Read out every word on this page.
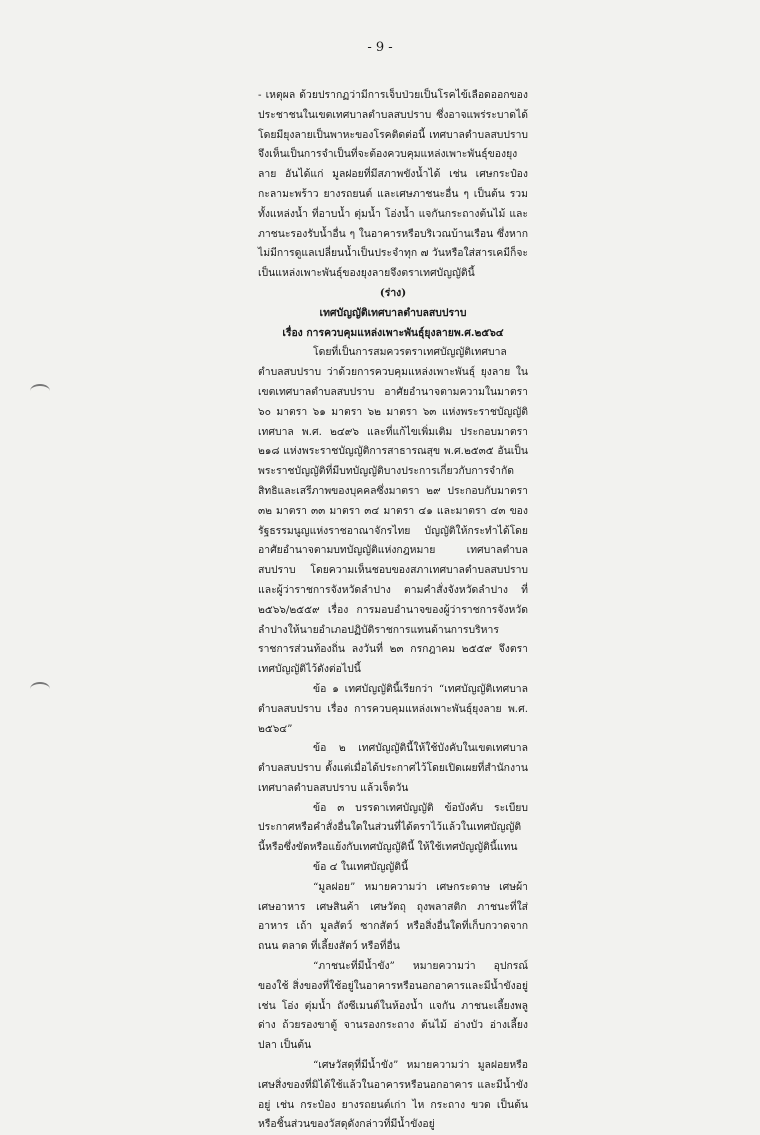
- 9 -

- เหตุผล ด้วยปรากฏว่ามีการเจ็บป่วยเป็นโรคไข้เลือดออกของประชาชนในเขตเทศบาลตำบลสบปราบ ซึ่งอาจแพร่ระบาดได้ โดยมียุงลายเป็นพาหะของโรคติดต่อนี้ เทศบาลตำบลสบปราบจึงเห็นเป็นการจำเป็นที่จะต้องควบคุมแหล่งเพาะพันธุ์ของยุงลาย อันได้แก่ มูลฝอยที่มีสภาพขังน้ำได้ เช่น เศษกระป๋อง กะลามะพร้าว ยางรถยนต์ และเศษภาชนะอื่น ๆ เป็นต้น รวมทั้งแหล่งน้ำ ที่อาบน้ำ ตุ่มน้ำ โอ่งน้ำ แจกันกระถางต้นไม้ และภาชนะรองรับน้ำอื่น ๆ ในอาคารหรือบริเวณบ้านเรือน ซึ่งหากไม่มีการดูแลเปลี่ยนน้ำเป็นประจำทุก ๗ วันหรือใส่สารเคมีก็จะเป็นแหล่งเพาะพันธุ์ของยุงลายจึงตราเทศบัญญัตินี้

(ร่าง)

เทศบัญญัติเทศบาลตำบลสบปราบ

เรื่อง การควบคุมแหล่งเพาะพันธุ์ยุงลายพ.ศ.๒๕๖๔

โดยที่เป็นการสมควรตราเทศบัญญัติเทศบาลตำบลสบปราบ ว่าด้วยการควบคุมแหล่งเพาะพันธุ์ ยุงลาย ในเขตเทศบาลตำบลสบปราบ อาศัยอำนาจตามความในมาตรา ๖๐ มาตรา ๖๑ มาตรา ๖๒ มาตรา ๖๓ แห่งพระราชบัญญัติ เทศบาล พ.ศ. ๒๔๙๖ และที่แก้ไขเพิ่มเติม ประกอบมาตรา ๒๑๘ แห่งพระราชบัญญัติการสาธารณสุข พ.ศ.๒๕๓๕ อันเป็นพระราชบัญญัติที่มีบทบัญญัติบางประการเกี่ยวกับการจำกัดสิทธิและเสรีภาพของบุคคลซึ่งมาตรา ๒๙ ประกอบกับมาตรา ๓๒ มาตรา ๓๓ มาตรา ๓๔ มาตรา ๔๑ และมาตรา ๔๓ ของรัฐธรรมนูญแห่งราชอาณาจักรไทย บัญญัติให้กระทำได้โดยอาศัยอำนาจตามบทบัญญัติแห่งกฎหมาย เทศบาลตำบลสบปราบ โดยความเห็นชอบของสภาเทศบาลตำบลสบปราบและผู้ว่าราชการจังหวัดลำปาง ตามคำสั่งจังหวัดลำปาง ที่ ๒๕๖๖/๒๕๕๙ เรื่อง การมอบอำนาจของผู้ว่าราชการจังหวัดลำปางให้นายอำเภอปฏิบัติราชการแทนด้านการบริหารราชการส่วนท้องถิ่น ลงวันที่ ๒๓ กรกฎาคม ๒๕๕๙ จึงตราเทศบัญญัติไว้ดังต่อไปนี้

ข้อ ๑ เทศบัญญัตินี้เรียกว่า “เทศบัญญัติเทศบาลตำบลสบปราบ เรื่อง การควบคุมแหล่งเพาะพันธุ์ยุงลาย พ.ศ. ๒๕๖๔”

ข้อ ๒ เทศบัญญัตินี้ให้ใช้บังคับในเขตเทศบาลตำบลสบปราบ ตั้งแต่เมื่อได้ประกาศไว้โดยเปิดเผยที่สำนักงานเทศบาลตำบลสบปราบ แล้วเจ็ดวัน

ข้อ ๓ บรรดาเทศบัญญัติ ข้อบังคับ ระเบียบ ประกาศหรือคำสั่งอื่นใดในส่วนที่ได้ตราไว้แล้วในเทศบัญญัตินี้หรือซึ่งขัดหรือแย้งกับเทศบัญญัตินี้ ให้ใช้เทศบัญญัตินี้แทน

ข้อ ๔ ในเทศบัญญัตินี้

“มูลฝอย” หมายความว่า เศษกระดาษ เศษผ้า เศษอาหาร เศษสินค้า เศษวัตถุ ถุงพลาสติก ภาชนะที่ใส่อาหาร เถ้า มูลสัตว์ ซากสัตว์ หรือสิ่งอื่นใดที่เก็บกวาดจากถนน ตลาด ที่เลี้ยงสัตว์ หรือที่อื่น

“ภาชนะที่มีน้ำขัง” หมายความว่า อุปกรณ์ ของใช้ สิ่งของที่ใช้อยู่ในอาคารหรือนอกอาคารและมีน้ำขังอยู่ เช่น โอ่ง ตุ่มน้ำ ถังซีเมนต์ในห้องน้ำ แจกัน ภาชนะเลี้ยงพลูด่าง ถ้วยรองขาตู้ จานรองกระถาง ต้นไม้ อ่างบัว อ่างเลี้ยงปลา เป็นต้น

“เศษวัสดุที่มีน้ำขัง” หมายความว่า มูลฝอยหรือเศษสิ่งของที่มิได้ใช้แล้วในอาคารหรือนอกอาคาร และมีน้ำขังอยู่ เช่น กระป๋อง ยางรถยนต์เก่า ไห กระถาง ขวด เป็นต้น หรือชิ้นส่วนของวัสดุดังกล่าวที่มีน้ำขังอยู่
